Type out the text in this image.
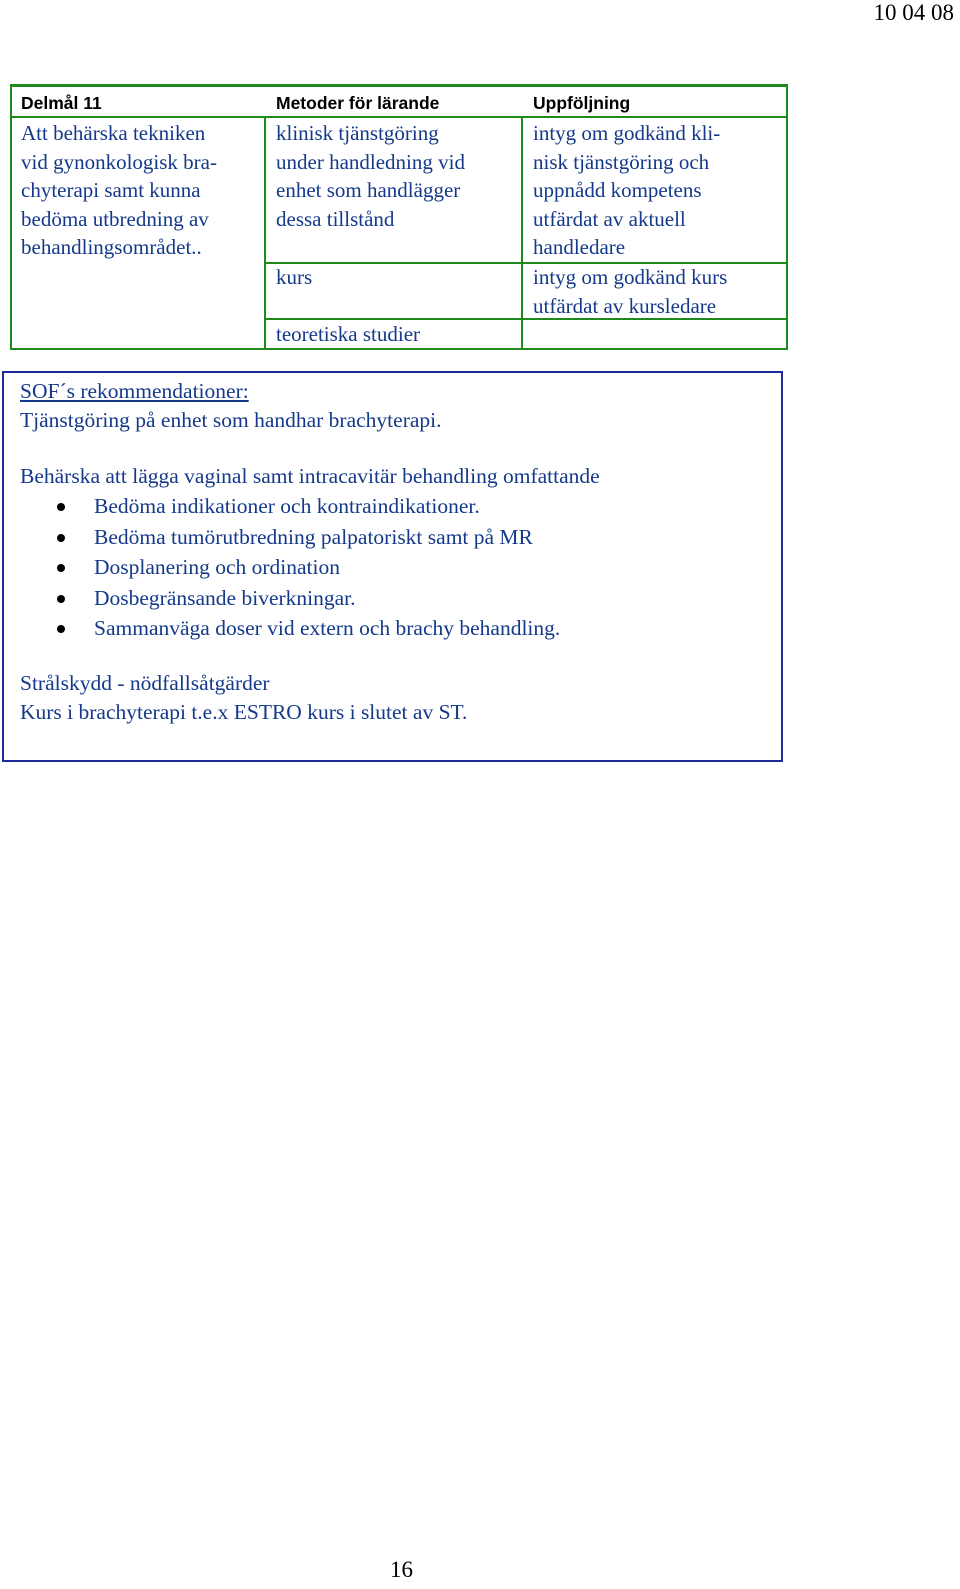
10 04 08
Delmål 11	Metoder för lärande	Uppföljning
Att behärska tekniken
vid gynonkologisk bra-
chyterapi samt kunna
bedöma utbredning av
behandlingsområdet..
klinisk tjänstgöring
under handledning vid
enhet som handlägger
dessa tillstånd
kurs
teoretiska studier
intyg om godkänd kli-
nisk tjänstgöring och
uppnådd kompetens
utfärdat av aktuell
handledare
intyg om godkänd kurs
utfärdat av kursledare
SOF´s rekommendationer:
Tjänstgöring på enhet som handhar brachyterapi.
Behärska att lägga vaginal samt intracavitär behandling omfattande
Bedöma indikationer och kontraindikationer.
Bedöma tumörutbredning palpatoriskt samt på MR
Dosplanering och ordination
Dosbegränsande biverkningar.
Sammanväga doser vid extern och brachy behandling.
Strålskydd - nödfallsåtgärder
Kurs i brachyterapi t.e.x ESTRO kurs i slutet av ST.
16
